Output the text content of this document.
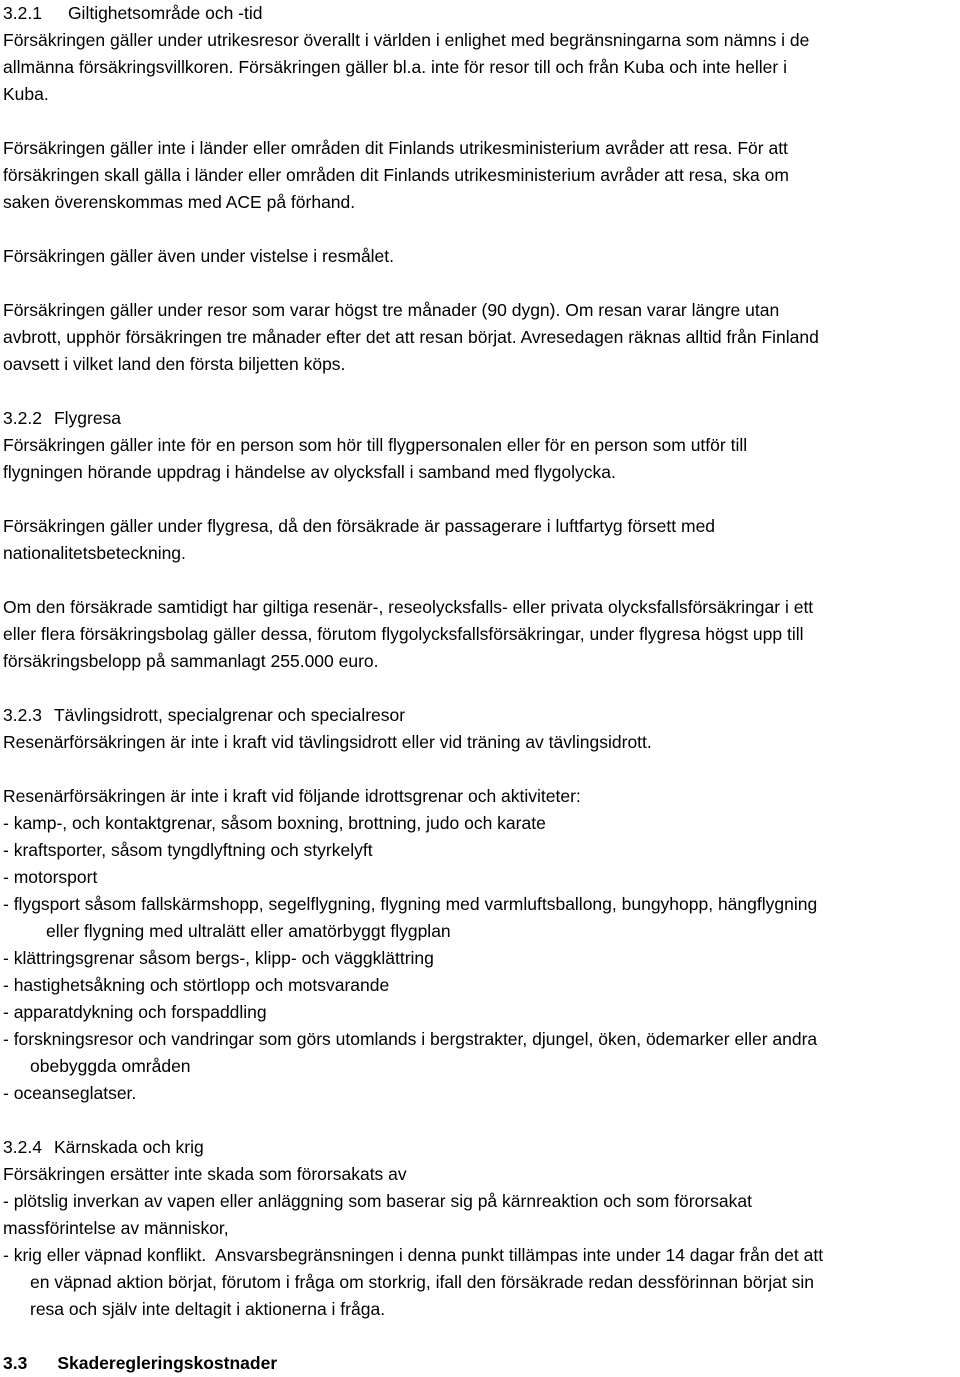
3.2.1 Giltighetsområde och -tid
Försäkringen gäller under utrikesresor överallt i världen i enlighet med begränsningarna som nämns i de
allmänna försäkringsvillkoren. Försäkringen gäller bl.a. inte för resor till och från Kuba och inte heller i
Kuba.
Försäkringen gäller inte i länder eller områden dit Finlands utrikesministerium avråder att resa. För att
försäkringen skall gälla i länder eller områden dit Finlands utrikesministerium avråder att resa, ska om
saken överenskommas med ACE på förhand.
Försäkringen gäller även under vistelse i resmålet.
Försäkringen gäller under resor som varar högst tre månader (90 dygn). Om resan varar längre utan
avbrott, upphör försäkringen tre månader efter det att resan börjat. Avresedagen räknas alltid från Finland
oavsett i vilket land den första biljetten köps.
3.2.2 Flygresa
Försäkringen gäller inte för en person som hör till flygpersonalen eller för en person som utför till
flygningen hörande uppdrag i händelse av olycksfall i samband med flygolycka.
Försäkringen gäller under flygresa, då den försäkrade är passagerare i luftfartyg försett med
nationalitetsbeteckning.
Om den försäkrade samtidigt har giltiga resenär-, reseolycksfalls- eller privata olycksfallsförsäkringar i ett
eller flera försäkringsbolag gäller dessa, förutom flygolycksfallsförsäkringar, under flygresa högst upp till
försäkringsbelopp på sammanlagt 255.000 euro.
3.2.3 Tävlingsidrott, specialgrenar och specialresor
Resenärförsäkringen är inte i kraft vid tävlingsidrott eller vid träning av tävlingsidrott.
Resenärförsäkringen är inte i kraft vid följande idrottsgrenar och aktiviteter:
- kamp-, och kontaktgrenar, såsom boxning, brottning, judo och karate
- kraftsporter, såsom tyngdlyftning och styrkelyft
- motorsport
- flygsport såsom fallskärmshopp, segelflygning, flygning med varmluftsballong, bungyhopp, hängflygning
eller flygning med ultralätt eller amatörbyggt flygplan
- klättringsgrenar såsom bergs-, klipp- och väggklättring
- hastighetsåkning och störtlopp och motsvarande
- apparatdykning och forspaddling
- forskningsresor och vandringar som görs utomlands i bergstrakter, djungel, öken, ödemarker eller andra
obebyggda områden
- oceanseglatser.
3.2.4 Kärnskada och krig
Försäkringen ersätter inte skada som förorsakats av
- plötslig inverkan av vapen eller anläggning som baserar sig på kärnreaktion och som förorsakat
massförintelse av människor,
- krig eller väpnad konflikt.  Ansvarsbegränsningen i denna punkt tillämpas inte under 14 dagar från det att
en väpnad aktion börjat, förutom i fråga om storkrig, ifall den försäkrade redan dessförinnan börjat sin
resa och själv inte deltagit i aktionerna i fråga.
3.3 Skaderegleringskostnader
